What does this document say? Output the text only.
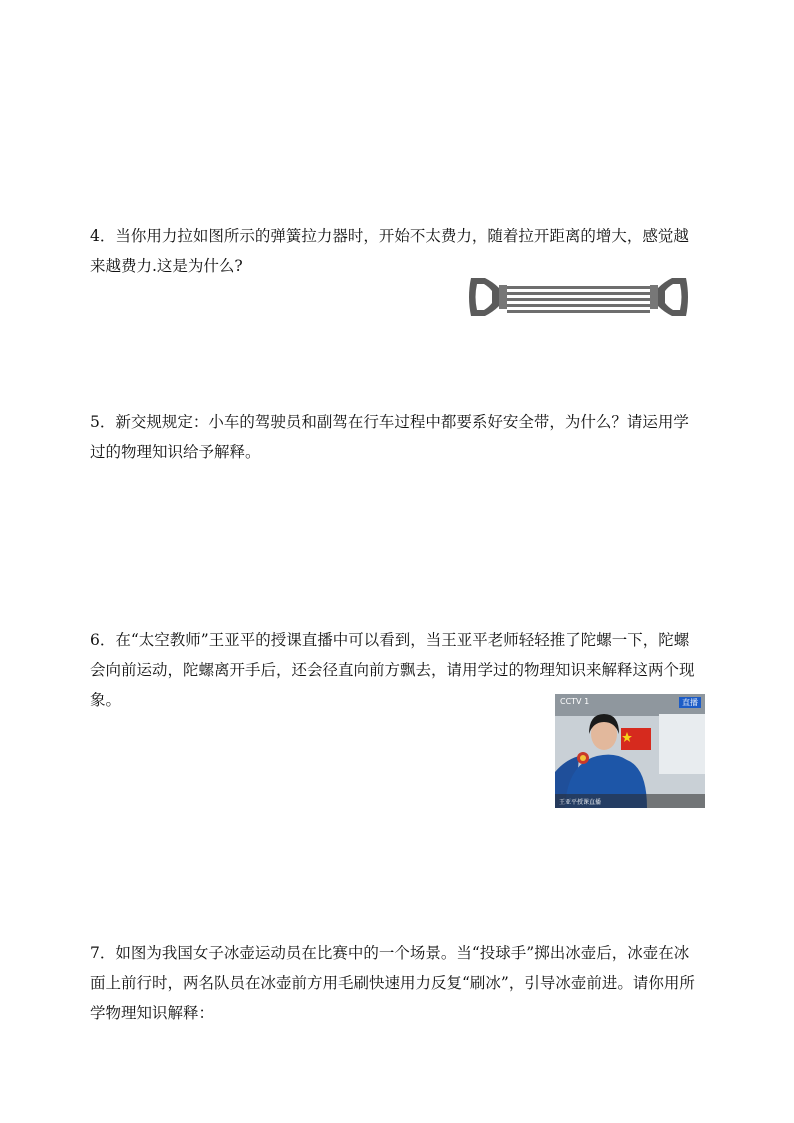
4．当你用力拉如图所示的弹簧拉力器时，开始不太费力，随着拉开距离的增大，感觉越来越费力.这是为什么?

5．新交规规定：小车的驾驶员和副驾在行车过程中都要系好安全带，为什么？请运用学过的物理知识给予解释。

6．在“太空教师”王亚平的授课直播中可以看到，当王亚平老师轻轻推了陀螺一下，陀螺会向前运动，陀螺离开手后，还会径直向前方飘去，请用学过的物理知识来解释这两个现象。	CCTV 1	直播
王亚平授课直播

7．如图为我国女子冰壶运动员在比赛中的一个场景。当“投球手”掷出冰壶后，冰壶在冰面上前行时，两名队员在冰壶前方用毛刷快速用力反复“刷冰”，引导冰壶前进。请你用所学物理知识解释：
